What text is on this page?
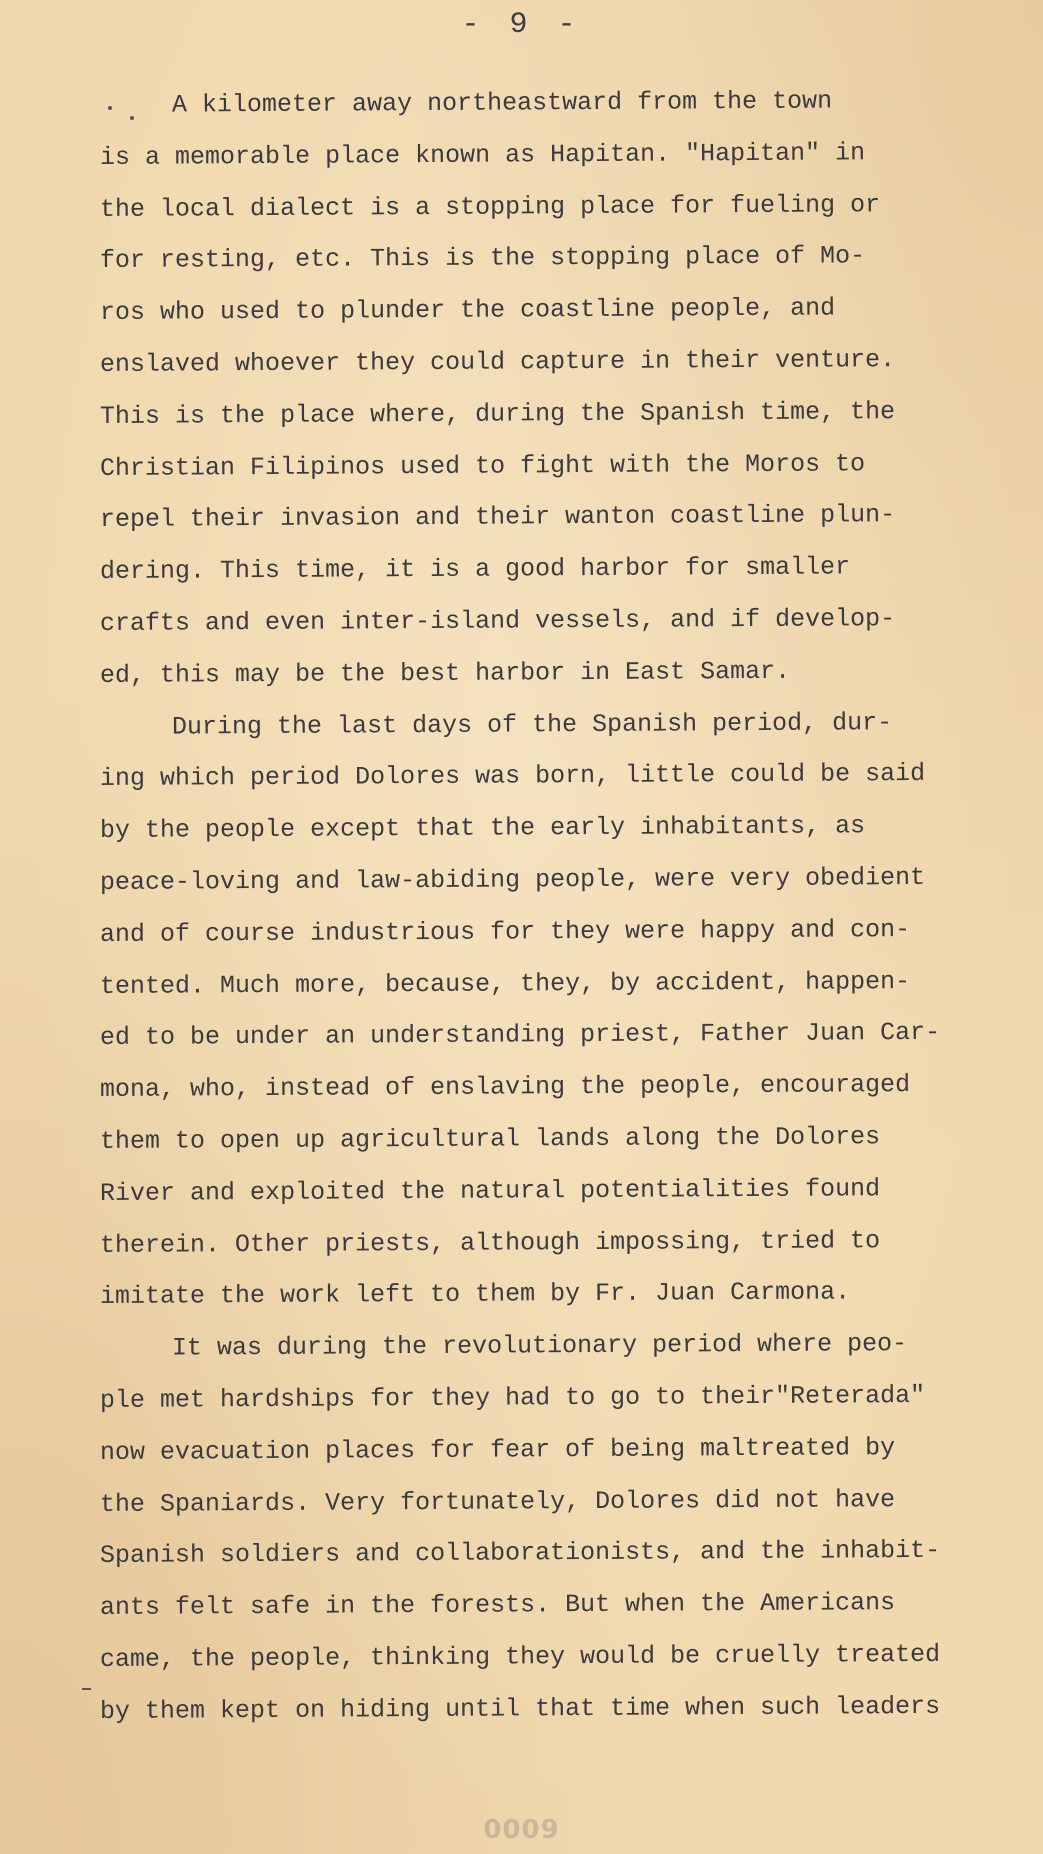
- 9 -
A kilometer away northeastward from the town
is a memorable place known as Hapitan. "Hapitan" in
the local dialect is a stopping place for fueling or
for resting, etc. This is the stopping place of Mo-
ros who used to plunder the coastline people, and
enslaved whoever they could capture in their venture.
This is the place where, during the Spanish time, the
Christian Filipinos used to fight with the Moros to
repel their invasion and their wanton coastline plun-
dering. This time, it is a good harbor for smaller
crafts and even inter-island vessels, and if develop-
ed, this may be the best harbor in East Samar.
During the last days of the Spanish period, dur-
ing which period Dolores was born, little could be said
by the people except that the early inhabitants, as
peace-loving and law-abiding people, were very obedient
and of course industrious for they were happy and con-
tented. Much more, because, they, by accident, happen-
ed to be under an understanding priest, Father Juan Car-
mona, who, instead of enslaving the people, encouraged
them to open up agricultural lands along the Dolores
River and exploited the natural potentialities found
therein. Other priests, although impossing, tried to
imitate the work left to them by Fr. Juan Carmona.
It was during the revolutionary period where peo-
ple met hardships for they had to go to their"Reterada"
now evacuation places for fear of being maltreated by
the Spaniards. Very fortunately, Dolores did not have
Spanish soldiers and collaborationists, and the inhabit-
ants felt safe in the forests. But when the Americans
came, the people, thinking they would be cruelly treated
by them kept on hiding until that time when such leaders
0009
